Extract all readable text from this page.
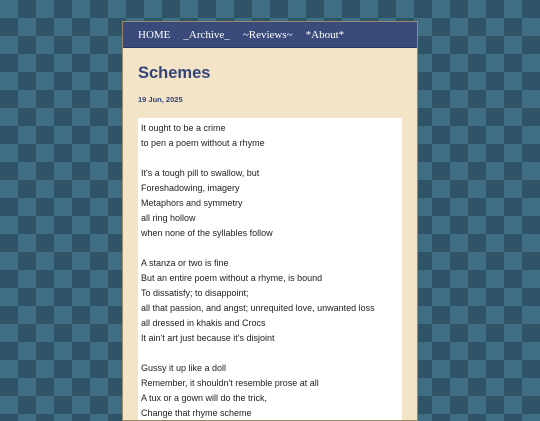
HOME _Archive_ ~Reviews~ *About*
Schemes
19 Jun, 2025
It ought to be a crime
to pen a poem without a rhyme
It's a tough pill to swallow, but
Foreshadowing, imagery
Metaphors and symmetry
all ring hollow
when none of the syllables follow
A stanza or two is fine
But an entire poem without a rhyme, is bound
To dissatisfy; to disappoint;
all that passion, and angst; unrequited love, unwanted loss
all dressed in khakis and Crocs
It ain't art just because it's disjoint
Gussy it up like a doll
Remember, it shouldn't resemble prose at all
A tux or a gown will do the trick,
Change that rhyme scheme
